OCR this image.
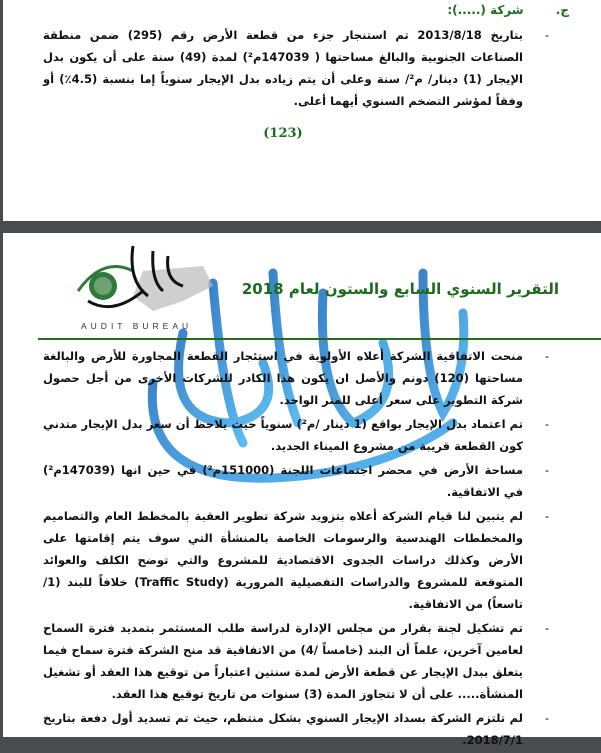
ج. شركة (.....):
-
بتاريخ 2013/8/18 تم استنجار جزء من قطعة الأرض رقم (295) ضمن منطقة الصناعات الجنوبية والبالغ مساحتها ( 147039م²) لمدة (49) سنة على أن يكون بدل الإيجار (1) دينار/ م²/ سنة وعلى أن يتم زياده بدل الإيجار سنوياً إما بنسبة (4.5٪) أو وفقاً لمؤشر التضخم السنوي أيهما أعلى.
(123)
AUDIT BUREAU
التقرير السنوي السابع والستون لعام 2018
-
منحت الاتفاقية الشركة أعلاه الأولوية في استئجار القطعة المجاورة للأرض والبالغة مساحتها (120) دونم والأصل ان يكون هذا الكادر للشركات الأخرى من أجل حصول شركة التطوير على سعر أعلى للمتر الواحد.
-
تم اعتماد بدل الإيجار بواقع (1 دينار /م²) سنوياً حيث يلاحظ أن سعر بدل الإيجار متدني كون القطعة قريبة من مشروع الميناء الجديد.
-
مساحة الأرض في محضر اجتماعات اللجنة (151000م²) في حين انها (147039م²) في الاتفاقية.
-
لم يتبين لنا قيام الشركة أعلاه بتزويد شركة تطوير العقبة بالمخطط العام والتصاميم والمخططات الهندسية والرسومات الخاصة بالمنشأة التي سوف يتم إقامتها على الأرض وكذلك دراسات الجدوى الاقتصادية للمشروع والتي توضح الكلف والعوائد المتوقعة للمشروع والدراسات التفصيلية المرورية (Traffic Study) خلافاً للبند (1/تاسعاً) من الاتفاقية.
-
تم تشكيل لجنة بقرار من مجلس الإدارة لدراسة طلب المستثمر بتمديد فترة السماح لعامين آخرين، علماً أن البند (خامساً /4) من الاتفاقية قد منح الشركة فترة سماح فيما يتعلق ببدل الإيجار عن قطعة الأرض لمدة سنتين اعتباراً من توقيع هذا العقد أو تشغيل المنشأة..... على أن لا تتجاوز المدة (3) سنوات من تاريخ توقيع هذا العقد.
-
لم تلتزم الشركة بسداد الإيجار السنوي بشكل منتظم، حيث تم تسديد أول دفعة بتاريخ 2018/7/1.
